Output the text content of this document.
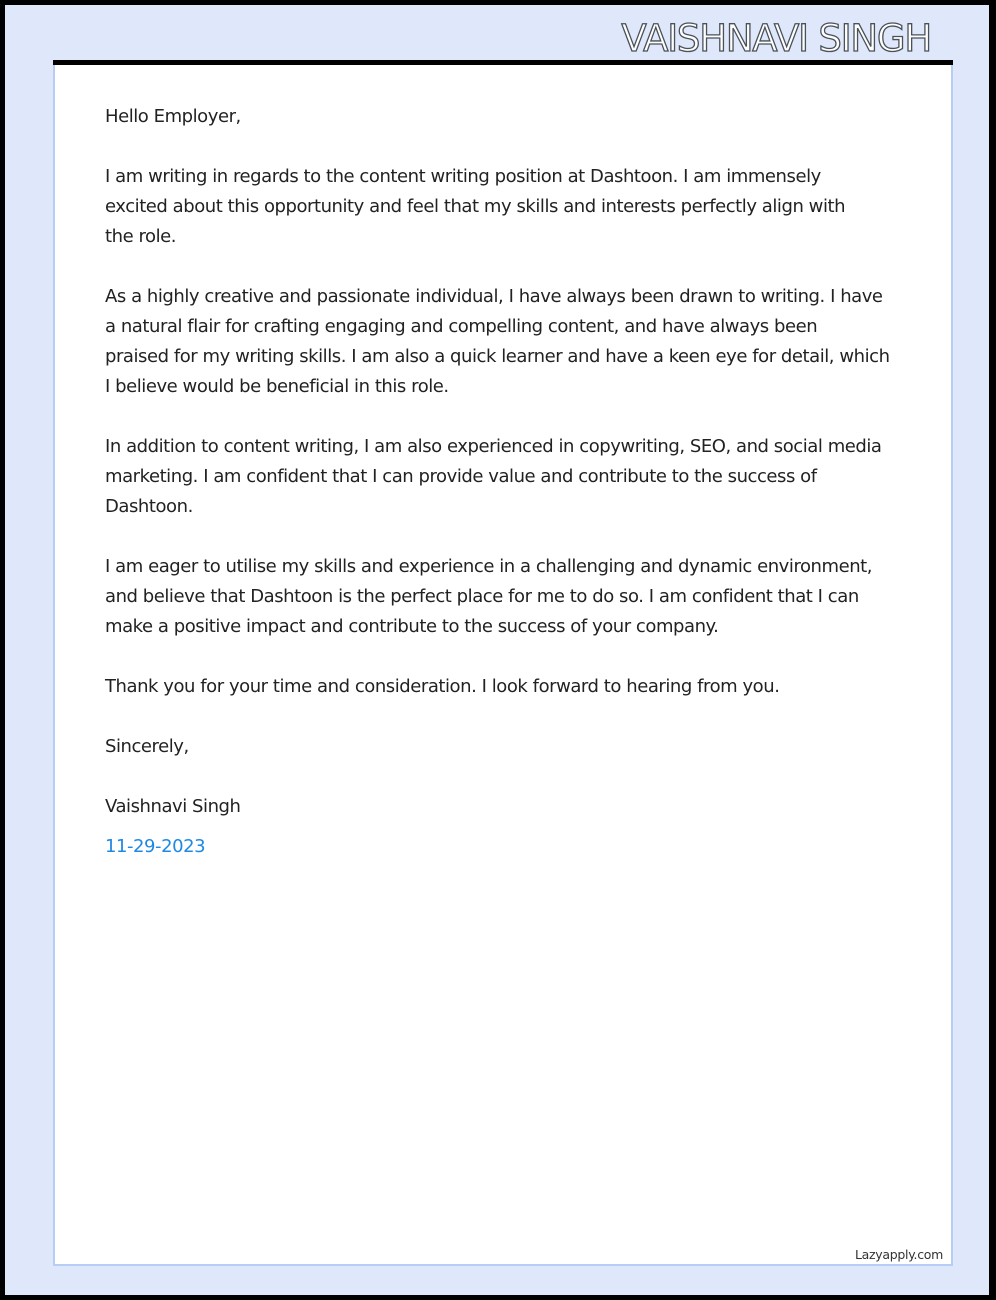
VAISHNAVI SINGH

Hello Employer,

I am writing in regards to the content writing position at Dashtoon. I am immensely
excited about this opportunity and feel that my skills and interests perfectly align with
the role.

As a highly creative and passionate individual, I have always been drawn to writing. I have
a natural flair for crafting engaging and compelling content, and have always been
praised for my writing skills. I am also a quick learner and have a keen eye for detail, which
I believe would be beneficial in this role.

In addition to content writing, I am also experienced in copywriting, SEO, and social media
marketing. I am confident that I can provide value and contribute to the success of
Dashtoon.

I am eager to utilise my skills and experience in a challenging and dynamic environment,
and believe that Dashtoon is the perfect place for me to do so. I am confident that I can
make a positive impact and contribute to the success of your company.

Thank you for your time and consideration. I look forward to hearing from you.

Sincerely,

Vaishnavi Singh

11-29-2023

Lazyapply.com
